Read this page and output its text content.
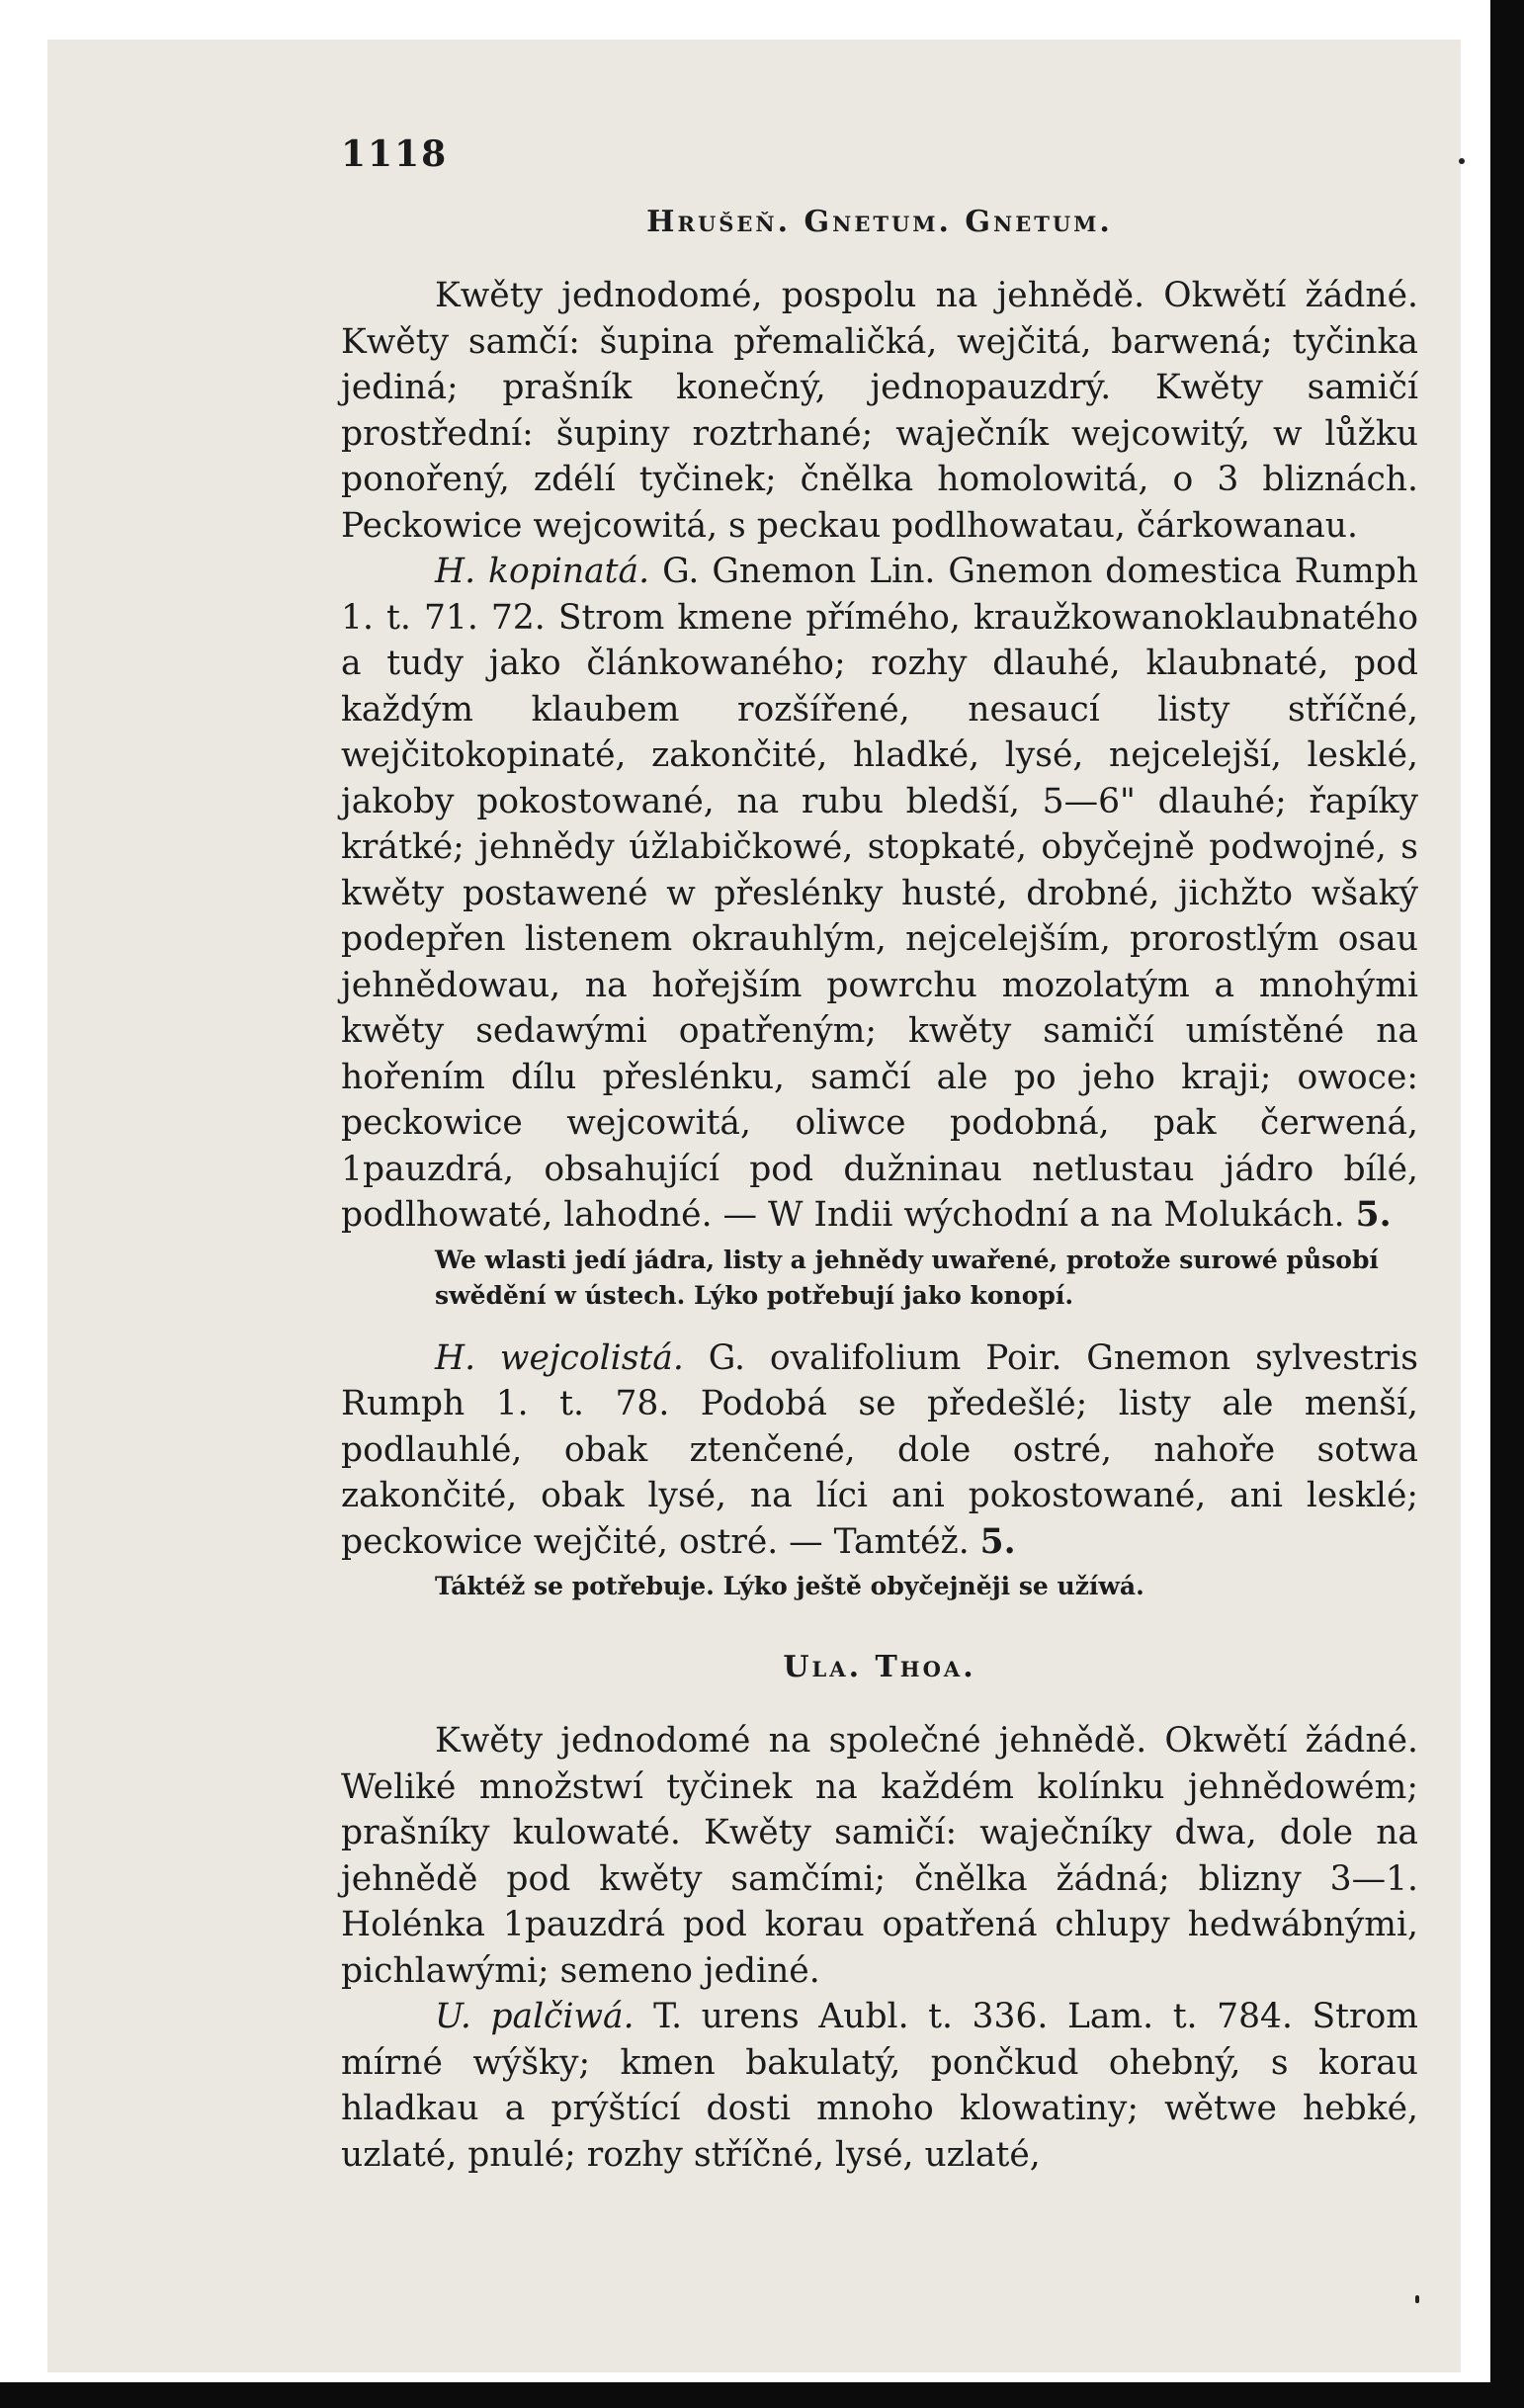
1118
Hrušeň. Gnetum. Gnetum.

Kwěty jednodomé, pospolu na jehnědě. Okwětí žádné. Kwěty samčí: šupina přemaličká, wejčitá, barwená; tyčinka jediná; prašník konečný, jednopauzdrý. Kwěty samičí prostřední: šupiny roztrhané; waječník wejcowitý, w lůžku ponořený, zdélí tyčinek; čnělka homolowitá, o 3 bliznách. Peckowice wejcowitá, s peckau podlhowatau, čárkowanau.

H. kopinatá. G. Gnemon Lin. Gnemon domestica Rumph 1. t. 71. 72. Strom kmene přímého, kraužkowanoklaubnatého a tudy jako článkowaného; rozhy dlauhé, klaubnaté, pod každým klaubem rozšířené, nesaucí listy stříčné, wejčitokopinaté, zakončité, hladké, lysé, nejcelejší, lesklé, jakoby pokostowané, na rubu bledší, 5—6" dlauhé; řapíky krátké; jehnědy úžlabičkowé, stopkaté, obyčejně podwojné, s kwěty postawené w přeslénky husté, drobné, jichžto wšaký podepřen listenem okrauhlým, nejcelejším, prorostlým osau jehnědowau, na hořejším powrchu mozolatým a mnohými kwěty sedawými opatřeným; kwěty samičí umístěné na hořením dílu přeslénku, samčí ale po jeho kraji; owoce: peckowice wejcowitá, oliwce podobná, pak čerwená, 1pauzdrá, obsahující pod dužninau netlustau jádro bílé, podlhowaté, lahodné. — W Indii wýchodní a na Molukách. 5.

We wlasti jedí jádra, listy a jehnědy uwařené, protože surowé působí swědění w ústech. Lýko potřebují jako konopí.

H. wejcolistá. G. ovalifolium Poir. Gnemon sylvestris Rumph 1. t. 78. Podobá se předešlé; listy ale menší, podlauhlé, obak ztenčené, dole ostré, nahoře sotwa zakončité, obak lysé, na líci ani pokostowané, ani lesklé; peckowice wejčité, ostré. — Tamtéž. 5.

Táktéž se potřebuje. Lýko ještě obyčejněji se užíwá.

Ula. Thoa.

Kwěty jednodomé na společné jehnědě. Okwětí žádné. Weliké množstwí tyčinek na každém kolínku jehnědowém; prašníky kulowaté. Kwěty samičí: waječníky dwa, dole na jehnědě pod kwěty samčími; čnělka žádná; blizny 3—1. Holénka 1pauzdrá pod korau opatřená chlupy hedwábnými, pichlawými; semeno jediné.

U. palčiwá. T. urens Aubl. t. 336. Lam. t. 784. Strom mírné wýšky; kmen bakulatý, pončkud ohebný, s korau hladkau a prýštící dosti mnoho klowatiny; wětwe hebké, uzlaté, pnulé; rozhy stříčné, lysé, uzlaté,
